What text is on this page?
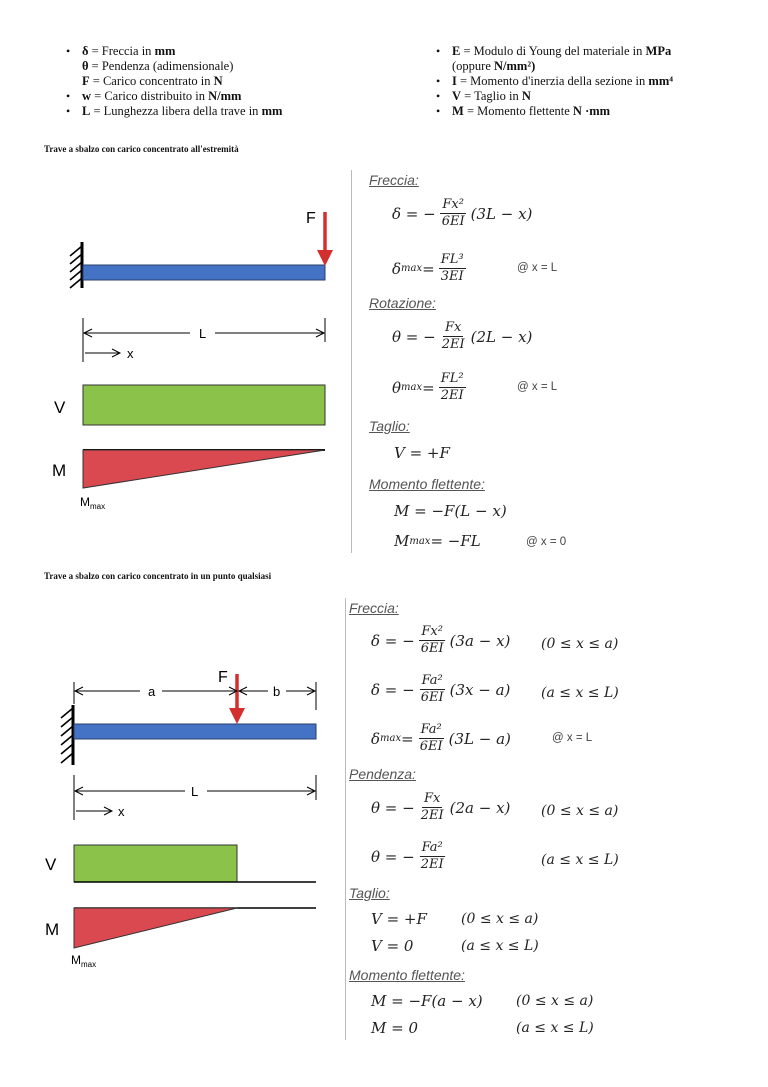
• δ = Freccia in mm
θ = Pendenza (adimensionale)
F = Carico concentrato in N
• w = Carico distribuito in N/mm
• L = Lunghezza libera della trave in mm
• E = Modulo di Young del materiale in MPa
(oppure N/mm²)
• I = Momento d'inerzia della sezione in mm⁴
• V = Taglio in N
• M = Momento flettente N ·mm
Trave a sbalzo con carico concentrato all'estremità
F
L
x
V
M
$M_{max}$
Freccia:
δ = − $\frac{\text{Fx²}}{6EI} (3L - x)$
δ $\max = \frac{\text{FL³}}{3EI}$	@ x = L
Rotazione:
θ = − $\frac{Fx}{2EI} (2L - x)$
θ $\max = \frac{\text{FL²}}{2EI}$	@ x = L
Taglio:
V = +F
Momento flettente:
M = −F(L − x)
M max = −FL	@ x = 0
Trave a sbalzo con carico concentrato in un punto qualsiasi
F
a	b
L
x
V
M
$M_{max}$
Freccia:
δ = − $\frac{\text{Fx²}}{6EI} (3a - x) (0 \le x \le a)$
δ = − $\frac{\text{Fa²}}{6EI} (3x - a) (a \le x \le L)$
δ $\max = \frac{\text{Fa²}}{6EI} (3L - a)$	@ x = L
Pendenza:
θ = − $\frac{Fx}{2EI} (2a - x) (0 \le x \le a)$
θ = − $\frac{\text{Fa²}}{2EI}$	(a ≤ x ≤ L)
Taglio:
V = +F (0 ≤ x ≤ a)
V = 0	(a ≤ x ≤ L)
Momento flettente:
M = −F(a − x) (0 ≤ x ≤ a)
M = 0	(a ≤ x ≤ L)
